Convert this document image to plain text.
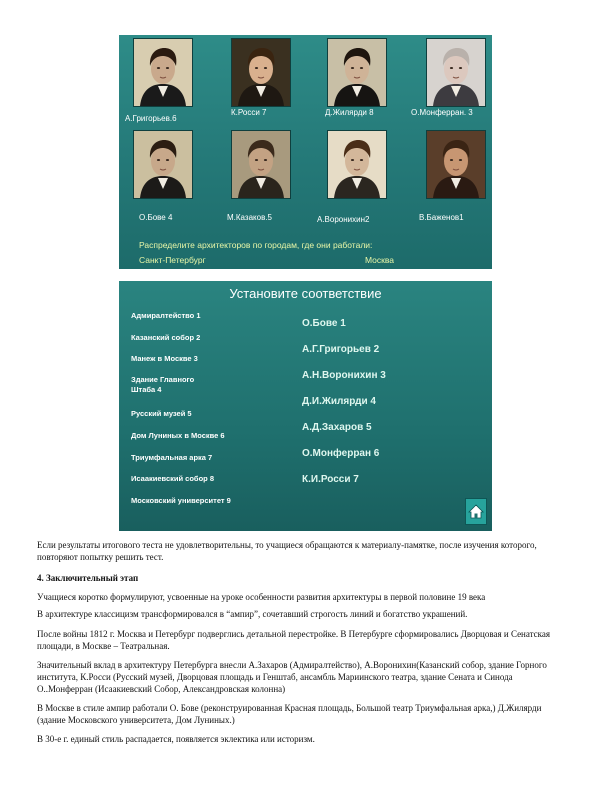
А.Григорьев.6
К.Росси 7	Д.Жилярди 8	О.Монферран. 3
О.Бове 4	М.Казаков.5	А.Воронихин2	В.Баженов1
Распределите архитекторов по городам, где они работали:
Санкт-Петербург	Москва
Установите соответствие
Адмиралтейство 1
Казанский собор 2
Манеж в Москве 3
Здание Главного
Штаба 4
Русский музей 5
Дом Луниных в Москве 6
Триумфальная арка 7
Исаакиевский собор 8
Московский университет 9
О.Бове 1
А.Г.Григорьев 2
А.Н.Воронихин 3
Д.И.Жилярди 4
А.Д.Захаров 5
О.Монферран 6
К.И.Росси 7
Если результаты итогового теста не удовлетворительны, то учащиеся обращаются к материалу-памятке, после изучения которого, повторяют попытку решить тест.
4. Заключительный этап
Учащиеся коротко формулируют, усвоенные на уроке особенности развития архитектуры в первой половине 19 века
В архитектуре классицизм трансформировался в “ампир”, сочетавший строгость линий и богатство украшений.
После войны 1812 г. Москва и Петербург подверглись детальной перестройке. В Петербурге сформировались Дворцовая и Сенатская площади, в Москве – Театральная.
Значительный вклад в архитектуру Петербурга внесли А.Захаров (Адмиралтейство), А.Воронихин(Казанский собор, здание Горного института, К.Росси (Русский музей, Дворцовая площадь и Генштаб, ансамбль Мариинского театра, здание Сената и Синода О..Монферран (Исаакиевский Собор, Александровская колонна)
В Москве в стиле ампир работали О. Бове (реконструированная Красная площадь, Большой театр Триумфальная арка,) Д.Жилярди (здание Московского университета, Дом Луниных.)
В 30-е г. единый стиль распадается, появляется эклектика или историзм.
